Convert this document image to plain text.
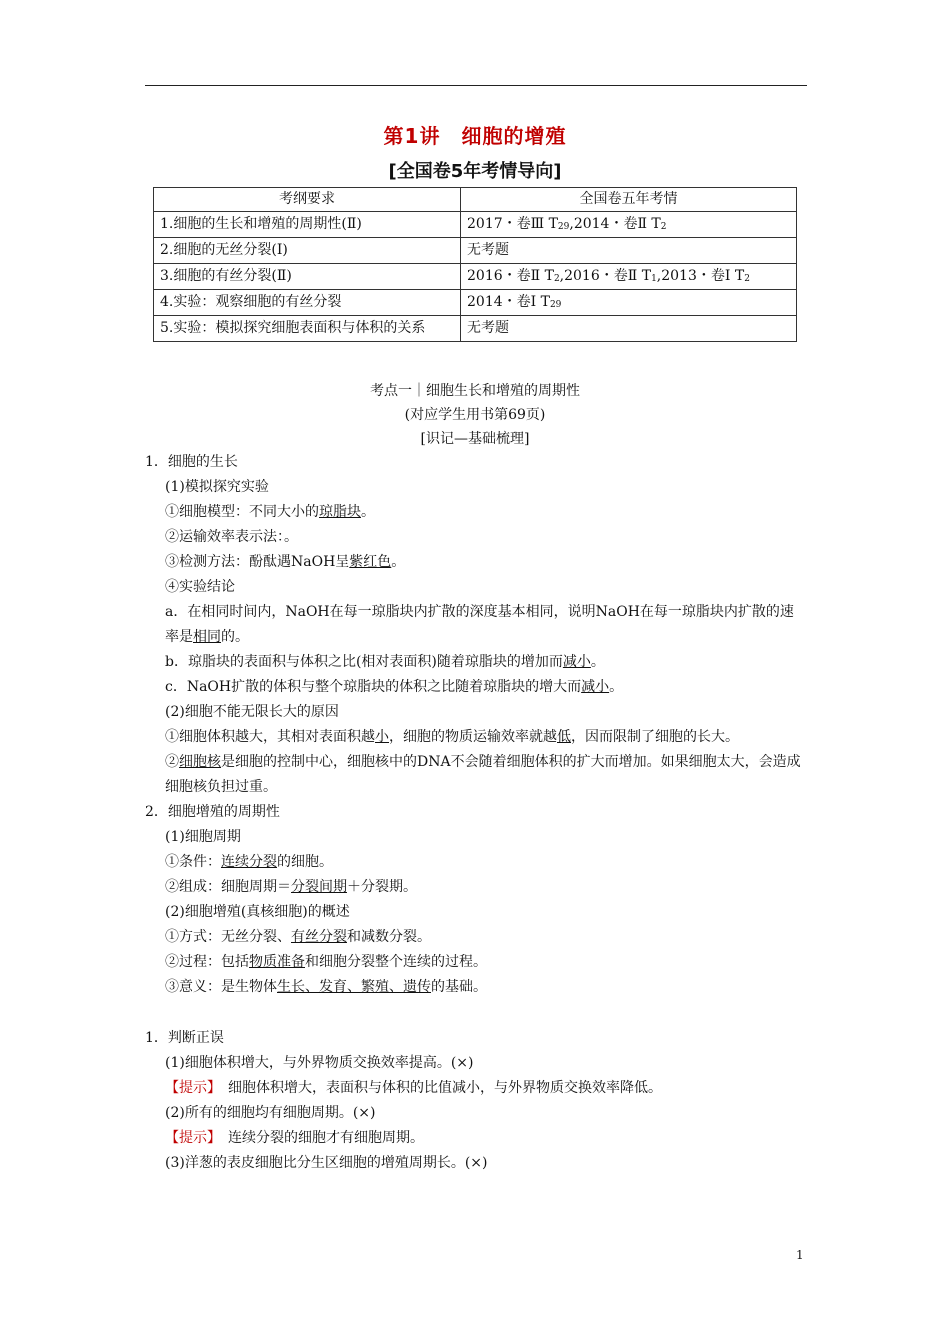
第1讲　细胞的增殖
[全国卷5年考情导向]
考纲要求	全国卷五年考情
1.细胞的生长和增殖的周期性(Ⅱ)	2017・卷Ⅲ T29,2014・卷Ⅱ T2
2.细胞的无丝分裂(Ⅰ)	无考题
3.细胞的有丝分裂(Ⅱ)	2016・卷Ⅱ T2,2016・卷Ⅱ T1,2013・卷Ⅰ T2
4.实验：观察细胞的有丝分裂	2014・卷Ⅰ T29
5.实验：模拟探究细胞表面积与体积的关系	无考题
考点一｜细胞生长和增殖的周期性
(对应学生用书第69页)
[识记—基础梳理]

1．细胞的生长

(1)模拟探究实验

①细胞模型：不同大小的琼脂块。

②运输效率表示法：。

③检测方法：酚酞遇NaOH呈紫红色。

④实验结论

a．在相同时间内，NaOH在每一琼脂块内扩散的深度基本相同，说明NaOH在每一琼脂块内扩散的速率是相同的。

b．琼脂块的表面积与体积之比(相对表面积)随着琼脂块的增加而减小。

c．NaOH扩散的体积与整个琼脂块的体积之比随着琼脂块的增大而减小。

(2)细胞不能无限长大的原因

①细胞体积越大，其相对表面积越小，细胞的物质运输效率就越低，因而限制了细胞的长大。

②细胞核是细胞的控制中心，细胞核中的DNA不会随着细胞体积的扩大而增加。如果细胞太大，会造成细胞核负担过重。

2．细胞增殖的周期性

(1)细胞周期

①条件：连续分裂的细胞。

②组成：细胞周期＝分裂间期＋分裂期。

(2)细胞增殖(真核细胞)的概述

①方式：无丝分裂、有丝分裂和减数分裂。

②过程：包括物质准备和细胞分裂整个连续的过程。

③意义：是生物体生长、发育、繁殖、遗传的基础。

1．判断正误

(1)细胞体积增大，与外界物质交换效率提高。(×)

【提示】　细胞体积增大，表面积与体积的比值减小，与外界物质交换效率降低。

(2)所有的细胞均有细胞周期。(×)

【提示】　连续分裂的细胞才有细胞周期。

(3)洋葱的表皮细胞比分生区细胞的增殖周期长。(×)

1
